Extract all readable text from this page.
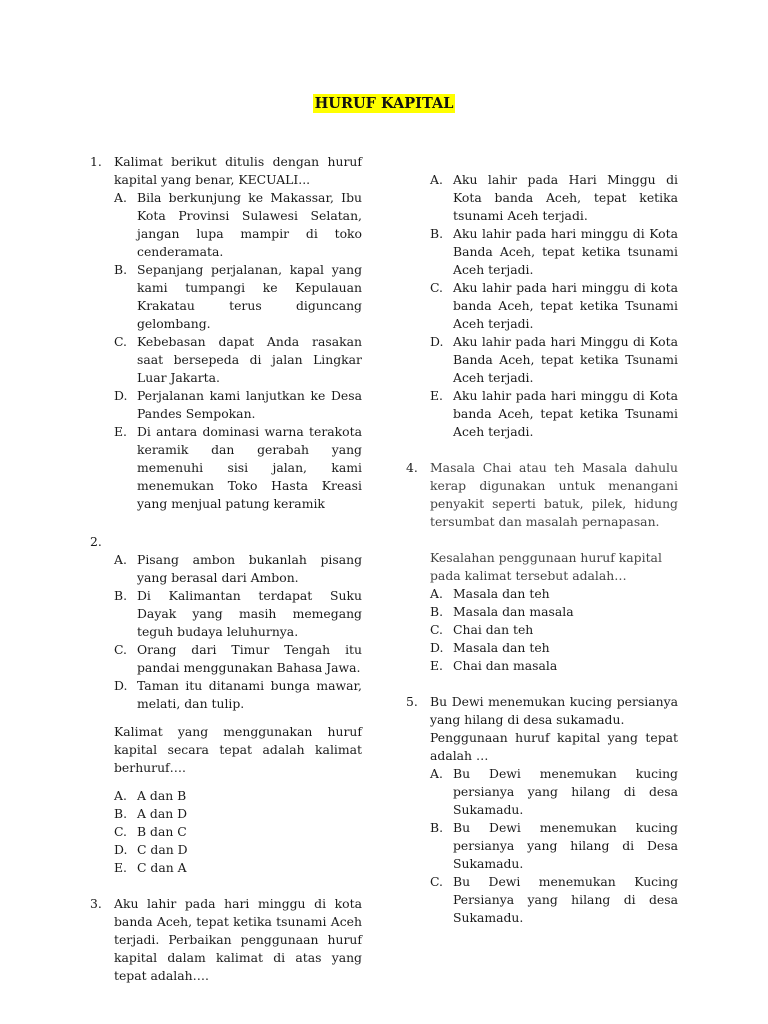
HURUF KAPITAL
1. Kalimat berikut ditulis dengan huruf kapital yang benar, KECUALI...
A. Bila berkunjung ke Makassar, Ibu Kota Provinsi Sulawesi Selatan, jangan lupa mampir di toko cenderamata.
B. Sepanjang perjalanan, kapal yang kami tumpangi ke Kepulauan Krakatau terus diguncang gelombang.
C. Kebebasan dapat Anda rasakan saat bersepeda di jalan Lingkar Luar Jakarta.
D. Perjalanan kami lanjutkan ke Desa Pandes Sempokan.
E. Di antara dominasi warna terakota keramik dan gerabah yang memenuhi sisi jalan, kami menemukan Toko Hasta Kreasi yang menjual patung keramik
2.
A. Pisang ambon bukanlah pisang yang berasal dari Ambon.
B. Di Kalimantan terdapat Suku Dayak yang masih memegang teguh budaya leluhurnya.
C. Orang dari Timur Tengah itu pandai menggunakan Bahasa Jawa.
D. Taman itu ditanami bunga mawar, melati, dan tulip.
Kalimat yang menggunakan huruf kapital secara tepat adalah kalimat berhuruf….
A. A dan B
B. A dan D
C. B dan C
D. C dan D
E. C dan A
3. Aku lahir pada hari minggu di kota banda Aceh, tepat ketika tsunami Aceh terjadi. Perbaikan penggunaan huruf kapital dalam kalimat di atas yang tepat adalah….
A. Aku lahir pada Hari Minggu di Kota banda Aceh, tepat ketika tsunami Aceh terjadi.
B. Aku lahir pada hari minggu di Kota Banda Aceh, tepat ketika tsunami Aceh terjadi.
C. Aku lahir pada hari minggu di kota banda Aceh, tepat ketika Tsunami Aceh terjadi.
D. Aku lahir pada hari Minggu di Kota Banda Aceh, tepat ketika Tsunami Aceh terjadi.
E. Aku lahir pada hari minggu di Kota banda Aceh, tepat ketika Tsunami Aceh terjadi.
4. Masala Chai atau teh Masala dahulu kerap digunakan untuk menangani penyakit seperti batuk, pilek, hidung tersumbat dan masalah pernapasan.
Kesalahan penggunaan huruf kapital pada kalimat tersebut adalah…
A. Masala dan teh
B. Masala dan masala
C. Chai dan teh
D. Masala dan teh
E. Chai dan masala
5. Bu Dewi menemukan kucing persianya yang hilang di desa sukamadu.
Penggunaan huruf kapital yang tepat adalah …
A. Bu Dewi menemukan kucing persianya yang hilang di desa Sukamadu.
B. Bu Dewi menemukan kucing persianya yang hilang di Desa Sukamadu.
C. Bu Dewi menemukan Kucing Persianya yang hilang di desa Sukamadu.
